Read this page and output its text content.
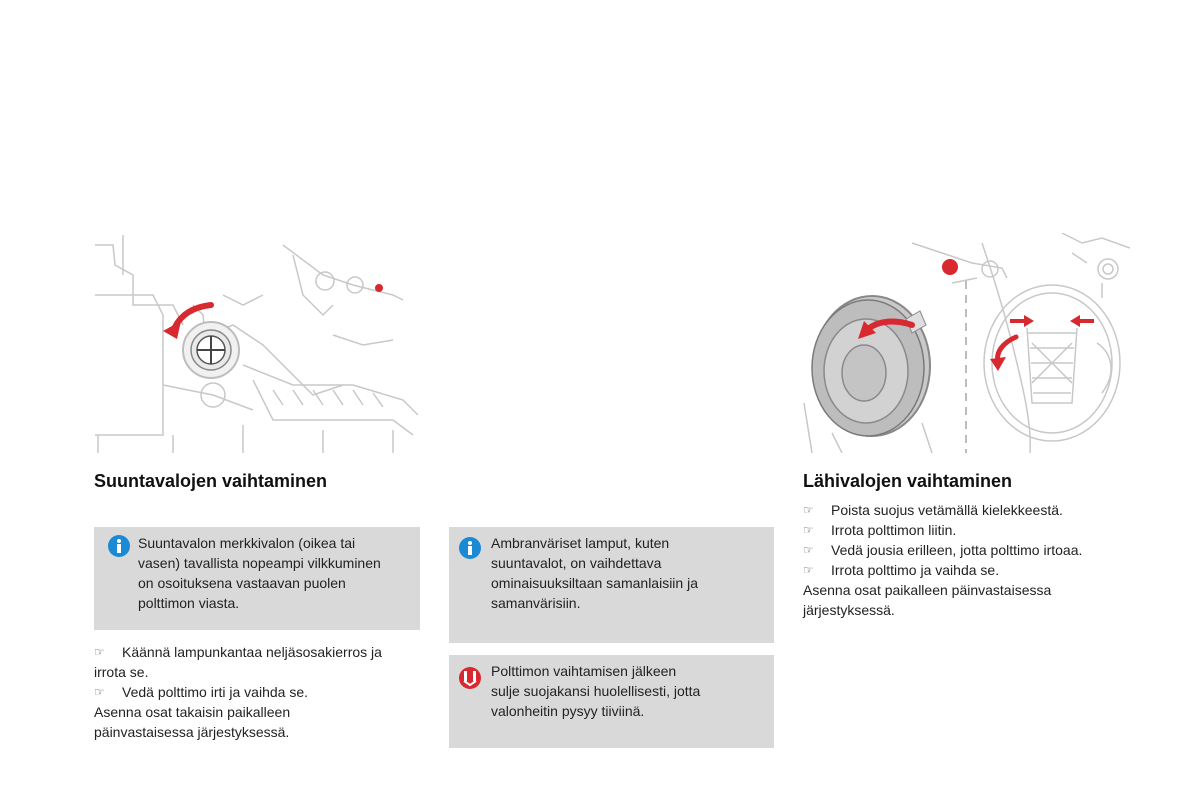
Suuntavalojen vaihtaminen
Suuntavalon merkkivalon (oikea tai
vasen) tavallista nopeampi vilkkuminen
on osoituksena vastaavan puolen
polttimon viasta.
☞ Käännä lampunkantaa neljäsosakierros ja
irrota se.
☞ Vedä polttimo irti ja vaihda se.
Asenna osat takaisin paikalleen
päinvastaisessa järjestyksessä.
Ambranväriset lamput, kuten
suuntavalot, on vaihdettava
ominaisuuksiltaan samanlaisiin ja
samanvärisiin.
Polttimon vaihtamisen jälkeen
sulje suojakansi huolellisesti, jotta
valonheitin pysyy tiiviinä.
Lähivalojen vaihtaminen
☞ Poista suojus vetämällä kielekkeestä.
☞ Irrota polttimon liitin.
☞ Vedä jousia erilleen, jotta polttimo irtoaa.
☞ Irrota polttimo ja vaihda se.
Asenna osat paikalleen päinvastaisessa
järjestyksessä.
